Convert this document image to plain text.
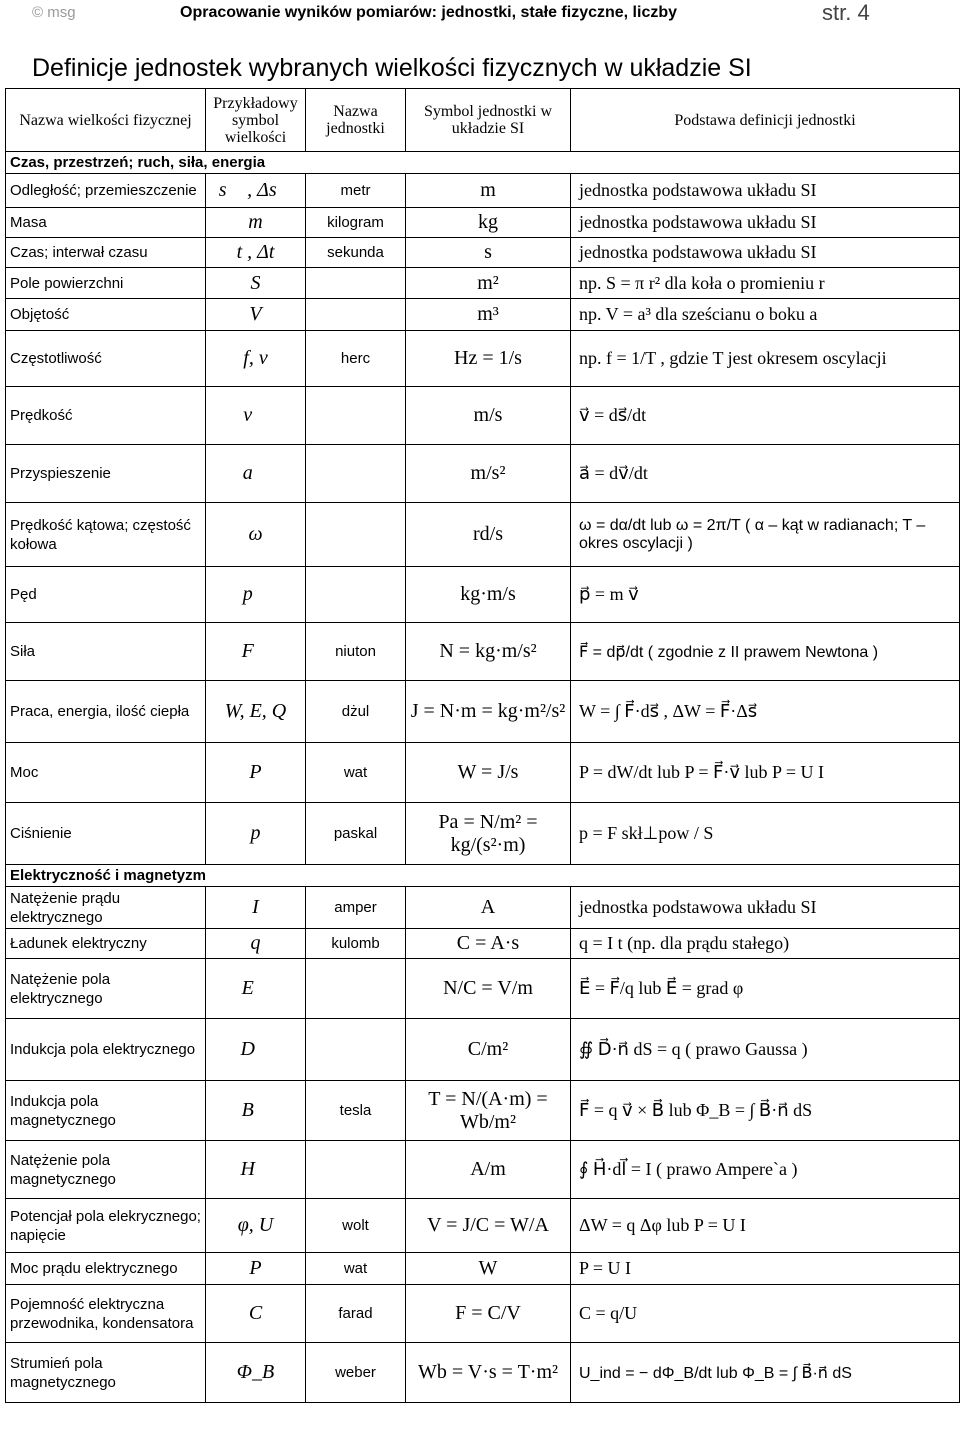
© msg	Opracowanie wyników pomiarów: jednostki, stałe fizyczne, liczby	str. 4
Definicje jednostek wybranych wielkości fizycznych w układzie SI
Nazwa wielkości fizycznej	Przykładowy symbol wielkości	Nazwa jednostki	Symbol jednostki w układzie SI	Podstawa definicji jednostki
Czas, przestrzeń; ruch, siła, energia				
Odległość; przemieszczenie	s⃗ , Δs⃗	metr	m	jednostka podstawowa układu SI
Masa	m	kilogram	kg	jednostka podstawowa układu SI
Czas; interwał czasu	t , Δt	sekunda	s	jednostka podstawowa układu SI
Pole powierzchni	S		m²	np. S = π r² dla koła o promieniu r
Objętość	V		m³	np. V = a³ dla sześcianu o boku a
Częstotliwość	f, ν	herc	Hz = 1/s	np. f = 1/T , gdzie T jest okresem oscylacji
Prędkość	v⃗		m/s	v⃗ = ds⃗/dt
Przyspieszenie	a⃗		m/s²	a⃗ = dv⃗/dt
Prędkość kątowa; częstość kołowa	ω		rd/s	ω = dα/dt lub ω = 2π/T ( α – kąt w radianach; T – okres oscylacji )
Pęd	p⃗		kg·m/s	p⃗ = m v⃗
Siła	F⃗	niuton	N = kg·m/s²	F⃗ = dp⃗/dt ( zgodnie z II prawem Newtona )
Praca, energia, ilość ciepła	W, E, Q	dżul	J = N·m = kg·m²/s²	W = ∫ F⃗·ds⃗ , ΔW = F⃗·Δs⃗
Moc	P	wat	W = J/s	P = dW/dt lub P = F⃗·v⃗ lub P = U I
Ciśnienie	p	paskal	Pa = N/m² = kg/(s²·m)	p = F skł⊥pow / S
Elektryczność i magnetyzm				
Natężenie prądu elektrycznego	I	amper	A	jednostka podstawowa układu SI
Ładunek elektryczny	q	kulomb	C = A·s	q = I t (np. dla prądu stałego)
Natężenie pola elektrycznego	E⃗		N/C = V/m	E⃗ = F⃗/q lub E⃗ = grad φ
Indukcja pola elektrycznego	D⃗		C/m²	∯ D⃗·n⃗ dS = q ( prawo Gaussa )
Indukcja pola magnetycznego	B⃗	tesla	T = N/(A·m) = Wb/m²	F⃗ = q v⃗ × B⃗ lub Φ_B = ∫ B⃗·n⃗ dS
Natężenie pola magnetycznego	H⃗		A/m	∮ H⃗·dl⃗ = I ( prawo Ampere`a )
Potencjał pola elekrycznego; napięcie	φ, U	wolt	V = J/C = W/A	ΔW = q Δφ lub P = U I
Moc prądu elektrycznego	P	wat	W	P = U I
Pojemność elektryczna przewodnika, kondensatora	C	farad	F = C/V	C = q/U
Strumień pola magnetycznego	Φ_B	weber	Wb = V·s = T·m²	U_ind = − dΦ_B/dt lub Φ_B = ∫ B⃗·n⃗ dS
